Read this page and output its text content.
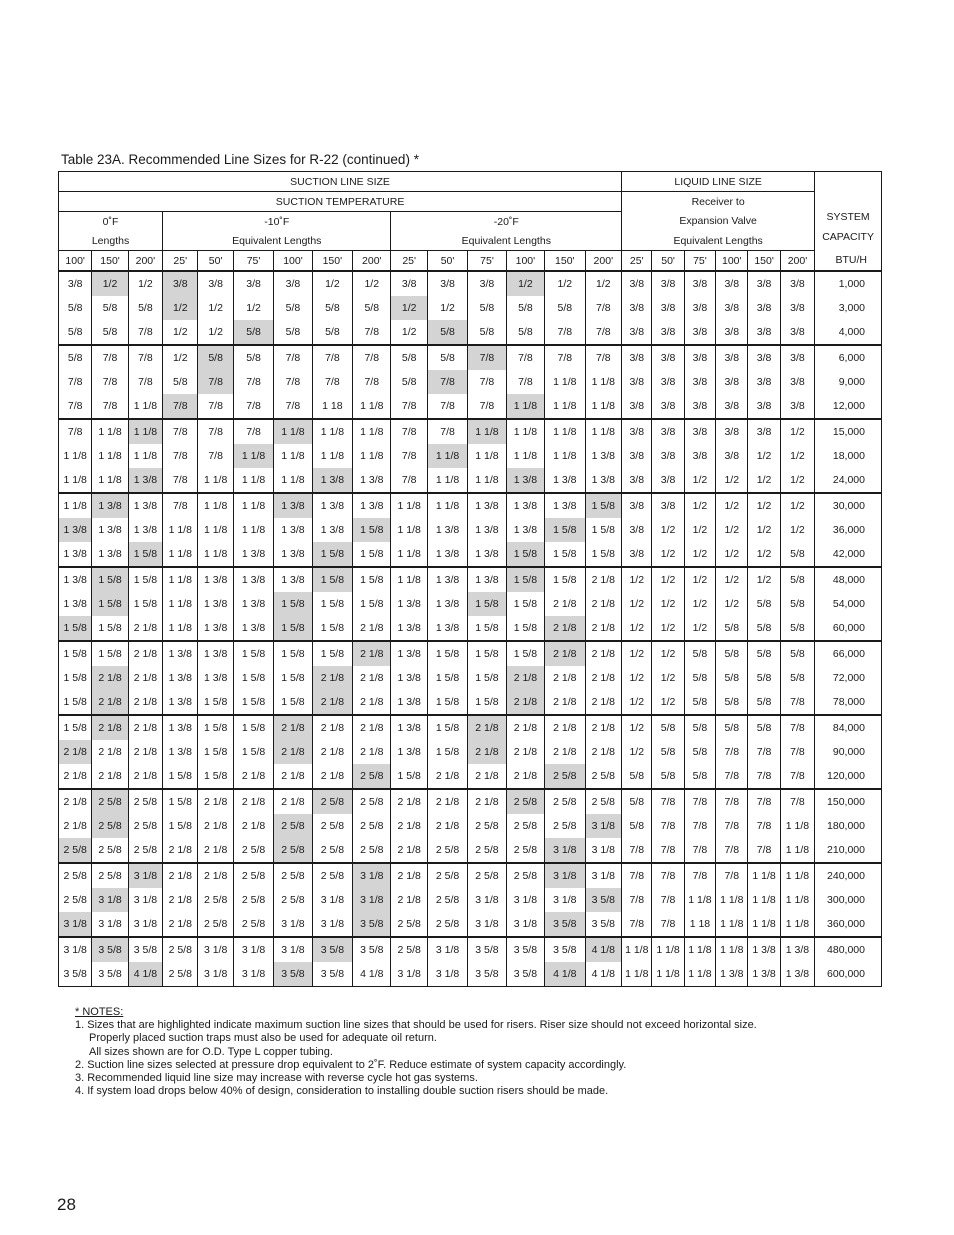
Table 23A. Recommended Line Sizes for R-22 (continued) *
SUCTION LINE SIZE															LIQUID LINE SIZE						SYSTEM
CAPACITY

SUCTION TEMPERATURE															Receiver to						
0˚F			-10˚F						-20˚F						Expansion Valve						
Lengths			Equivalent Lengths						Equivalent Lengths						Equivalent Lengths						
100'	150'	200'	25'	50'	75'	100'	150'	200'	25'	50'	75'	100'	150'	200'	25'	50'	75'	100'	150'	200'	BTU/H
3/8	1/2	1/2	3/8	3/8	3/8	3/8	1/2	1/2	3/8	3/8	3/8	1/2	1/2	1/2	3/8	3/8	3/8	3/8	3/8	3/8	1,000
5/8	5/8	5/8	1/2	1/2	1/2	5/8	5/8	5/8	1/2	1/2	5/8	5/8	5/8	7/8	3/8	3/8	3/8	3/8	3/8	3/8	3,000
5/8	5/8	7/8	1/2	1/2	5/8	5/8	5/8	7/8	1/2	5/8	5/8	5/8	7/8	7/8	3/8	3/8	3/8	3/8	3/8	3/8	4,000
5/8	7/8	7/8	1/2	5/8	5/8	7/8	7/8	7/8	5/8	5/8	7/8	7/8	7/8	7/8	3/8	3/8	3/8	3/8	3/8	3/8	6,000
7/8	7/8	7/8	5/8	7/8	7/8	7/8	7/8	7/8	5/8	7/8	7/8	7/8	1 1/8	1 1/8	3/8	3/8	3/8	3/8	3/8	3/8	9,000
7/8	7/8	1 1/8	7/8	7/8	7/8	7/8	1 18	1 1/8	7/8	7/8	7/8	1 1/8	1 1/8	1 1/8	3/8	3/8	3/8	3/8	3/8	3/8	12,000
7/8	1 1/8	1 1/8	7/8	7/8	7/8	1 1/8	1 1/8	1 1/8	7/8	7/8	1 1/8	1 1/8	1 1/8	1 1/8	3/8	3/8	3/8	3/8	3/8	1/2	15,000
1 1/8	1 1/8	1 1/8	7/8	7/8	1 1/8	1 1/8	1 1/8	1 1/8	7/8	1 1/8	1 1/8	1 1/8	1 1/8	1 3/8	3/8	3/8	3/8	3/8	1/2	1/2	18,000
1 1/8	1 1/8	1 3/8	7/8	1 1/8	1 1/8	1 1/8	1 3/8	1 3/8	7/8	1 1/8	1 1/8	1 3/8	1 3/8	1 3/8	3/8	3/8	1/2	1/2	1/2	1/2	24,000
1 1/8	1 3/8	1 3/8	7/8	1 1/8	1 1/8	1 3/8	1 3/8	1 3/8	1 1/8	1 1/8	1 3/8	1 3/8	1 3/8	1 5/8	3/8	3/8	1/2	1/2	1/2	1/2	30,000
1 3/8	1 3/8	1 3/8	1 1/8	1 1/8	1 1/8	1 3/8	1 3/8	1 5/8	1 1/8	1 3/8	1 3/8	1 3/8	1 5/8	1 5/8	3/8	1/2	1/2	1/2	1/2	1/2	36,000
1 3/8	1 3/8	1 5/8	1 1/8	1 1/8	1 3/8	1 3/8	1 5/8	1 5/8	1 1/8	1 3/8	1 3/8	1 5/8	1 5/8	1 5/8	3/8	1/2	1/2	1/2	1/2	5/8	42,000
1 3/8	1 5/8	1 5/8	1 1/8	1 3/8	1 3/8	1 3/8	1 5/8	1 5/8	1 1/8	1 3/8	1 3/8	1 5/8	1 5/8	2 1/8	1/2	1/2	1/2	1/2	1/2	5/8	48,000
1 3/8	1 5/8	1 5/8	1 1/8	1 3/8	1 3/8	1 5/8	1 5/8	1 5/8	1 3/8	1 3/8	1 5/8	1 5/8	2 1/8	2 1/8	1/2	1/2	1/2	1/2	5/8	5/8	54,000
1 5/8	1 5/8	2 1/8	1 1/8	1 3/8	1 3/8	1 5/8	1 5/8	2 1/8	1 3/8	1 3/8	1 5/8	1 5/8	2 1/8	2 1/8	1/2	1/2	1/2	5/8	5/8	5/8	60,000
1 5/8	1 5/8	2 1/8	1 3/8	1 3/8	1 5/8	1 5/8	1 5/8	2 1/8	1 3/8	1 5/8	1 5/8	1 5/8	2 1/8	2 1/8	1/2	1/2	5/8	5/8	5/8	5/8	66,000
1 5/8	2 1/8	2 1/8	1 3/8	1 3/8	1 5/8	1 5/8	2 1/8	2 1/8	1 3/8	1 5/8	1 5/8	2 1/8	2 1/8	2 1/8	1/2	1/2	5/8	5/8	5/8	5/8	72,000
1 5/8	2 1/8	2 1/8	1 3/8	1 5/8	1 5/8	1 5/8	2 1/8	2 1/8	1 3/8	1 5/8	1 5/8	2 1/8	2 1/8	2 1/8	1/2	1/2	5/8	5/8	5/8	7/8	78,000
1 5/8	2 1/8	2 1/8	1 3/8	1 5/8	1 5/8	2 1/8	2 1/8	2 1/8	1 3/8	1 5/8	2 1/8	2 1/8	2 1/8	2 1/8	1/2	5/8	5/8	5/8	5/8	7/8	84,000
2 1/8	2 1/8	2 1/8	1 3/8	1 5/8	1 5/8	2 1/8	2 1/8	2 1/8	1 3/8	1 5/8	2 1/8	2 1/8	2 1/8	2 1/8	1/2	5/8	5/8	7/8	7/8	7/8	90,000
2 1/8	2 1/8	2 1/8	1 5/8	1 5/8	2 1/8	2 1/8	2 1/8	2 5/8	1 5/8	2 1/8	2 1/8	2 1/8	2 5/8	2 5/8	5/8	5/8	5/8	7/8	7/8	7/8	120,000
2 1/8	2 5/8	2 5/8	1 5/8	2 1/8	2 1/8	2 1/8	2 5/8	2 5/8	2 1/8	2 1/8	2 1/8	2 5/8	2 5/8	2 5/8	5/8	7/8	7/8	7/8	7/8	7/8	150,000
2 1/8	2 5/8	2 5/8	1 5/8	2 1/8	2 1/8	2 5/8	2 5/8	2 5/8	2 1/8	2 1/8	2 5/8	2 5/8	2 5/8	3 1/8	5/8	7/8	7/8	7/8	7/8	1 1/8	180,000
2 5/8	2 5/8	2 5/8	2 1/8	2 1/8	2 5/8	2 5/8	2 5/8	2 5/8	2 1/8	2 5/8	2 5/8	2 5/8	3 1/8	3 1/8	7/8	7/8	7/8	7/8	7/8	1 1/8	210,000
2 5/8	2 5/8	3 1/8	2 1/8	2 1/8	2 5/8	2 5/8	2 5/8	3 1/8	2 1/8	2 5/8	2 5/8	2 5/8	3 1/8	3 1/8	7/8	7/8	7/8	7/8	1 1/8	1 1/8	240,000
2 5/8	3 1/8	3 1/8	2 1/8	2 5/8	2 5/8	2 5/8	3 1/8	3 1/8	2 1/8	2 5/8	3 1/8	3 1/8	3 1/8	3 5/8	7/8	7/8	1 1/8	1 1/8	1 1/8	1 1/8	300,000
3 1/8	3 1/8	3 1/8	2 1/8	2 5/8	2 5/8	3 1/8	3 1/8	3 5/8	2 5/8	2 5/8	3 1/8	3 1/8	3 5/8	3 5/8	7/8	7/8	1 18	1 1/8	1 1/8	1 1/8	360,000
3 1/8	3 5/8	3 5/8	2 5/8	3 1/8	3 1/8	3 1/8	3 5/8	3 5/8	2 5/8	3 1/8	3 5/8	3 5/8	3 5/8	4 1/8	1 1/8	1 1/8	1 1/8	1 1/8	1 3/8	1 3/8	480,000
3 5/8	3 5/8	4 1/8	2 5/8	3 1/8	3 1/8	3 5/8	3 5/8	4 1/8	3 1/8	3 1/8	3 5/8	3 5/8	4 1/8	4 1/8	1 1/8	1 1/8	1 1/8	1 3/8	1 3/8	1 3/8	600,000
* NOTES:
1. Sizes that are highlighted indicate maximum suction line sizes that should be used for risers. Riser size should not exceed horizontal size.
Properly placed suction traps must also be used for adequate oil return.
All sizes shown are for O.D. Type L copper tubing.
2. Suction line sizes selected at pressure drop equivalent to 2˚F. Reduce estimate of system capacity accordingly.
3. Recommended liquid line size may increase with reverse cycle hot gas systems.
4. If system load drops below 40% of design, consideration to installing double suction risers should be made.
28
